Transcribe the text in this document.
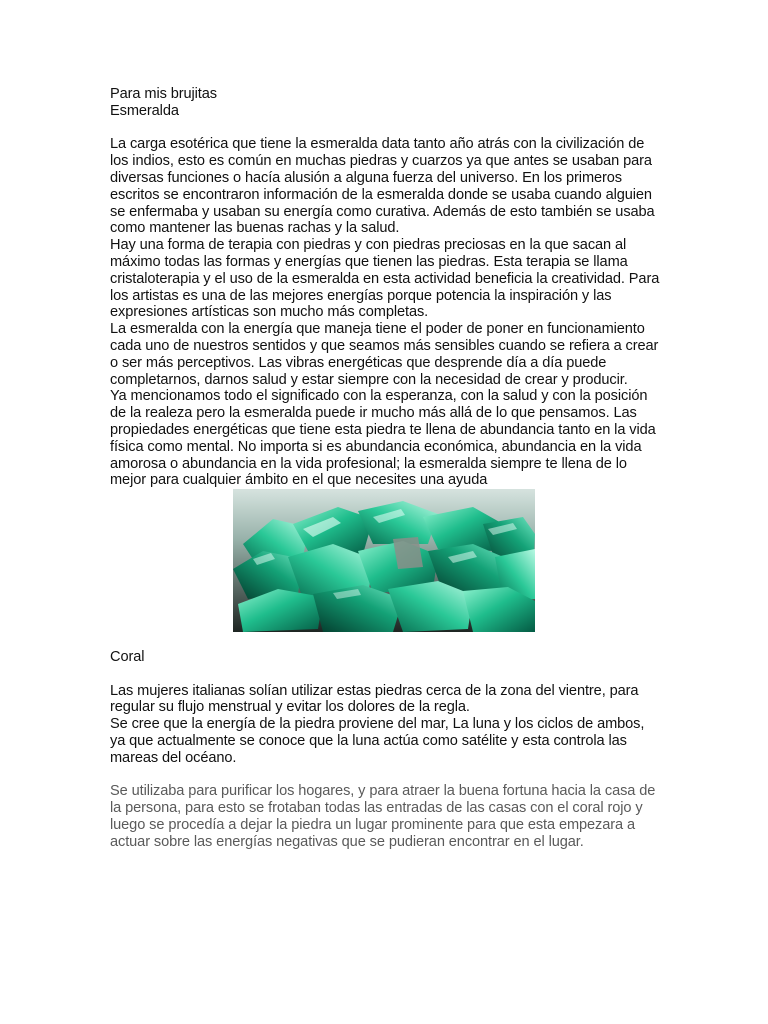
Para mis brujitas

Esmeralda

La carga esotérica que tiene la esmeralda data tanto año atrás con la civilización de los indios, esto es común en muchas piedras y cuarzos ya que antes se usaban para diversas funciones o hacía alusión a alguna fuerza del universo. En los primeros escritos se encontraron información de la esmeralda donde se usaba cuando alguien se enfermaba y usaban su energía como curativa. Además de esto también se usaba como mantener las buenas rachas y la salud.

Hay una forma de terapia con piedras y con piedras preciosas en la que sacan al máximo todas las formas y energías que tienen las piedras. Esta terapia se llama cristaloterapia y el uso de la esmeralda en esta actividad beneficia la creatividad. Para los artistas es una de las mejores energías porque potencia la inspiración y las expresiones artísticas son mucho más completas.

La esmeralda con la energía que maneja tiene el poder de poner en funcionamiento cada uno de nuestros sentidos y que seamos más sensibles cuando se refiera a crear o ser más perceptivos. Las vibras energéticas que desprende día a día puede completarnos, darnos salud y estar siempre con la necesidad de crear y producir.

Ya mencionamos todo el significado con la esperanza, con la salud y con la posición de la realeza pero la esmeralda puede ir mucho más allá de lo que pensamos. Las propiedades energéticas que tiene esta piedra te llena de abundancia tanto en la vida física como mental. No importa si es abundancia económica, abundancia en la vida amorosa o abundancia en la vida profesional; la esmeralda siempre te llena de lo mejor para cualquier ámbito en el que necesites una ayuda

Coral

Las mujeres italianas solían utilizar estas piedras cerca de la zona del vientre, para regular su flujo menstrual y evitar los dolores de la regla.

Se cree que la energía de la piedra proviene del mar, La luna y los ciclos de ambos, ya que actualmente se conoce que la luna actúa como satélite y esta controla las mareas del océano.

Se utilizaba para purificar los hogares, y para atraer la buena fortuna hacia la casa de la persona, para esto se frotaban todas las entradas de las casas con el coral rojo y luego se procedía a dejar la piedra un lugar prominente para que esta empezara a actuar sobre las energías negativas que se pudieran encontrar en el lugar.
